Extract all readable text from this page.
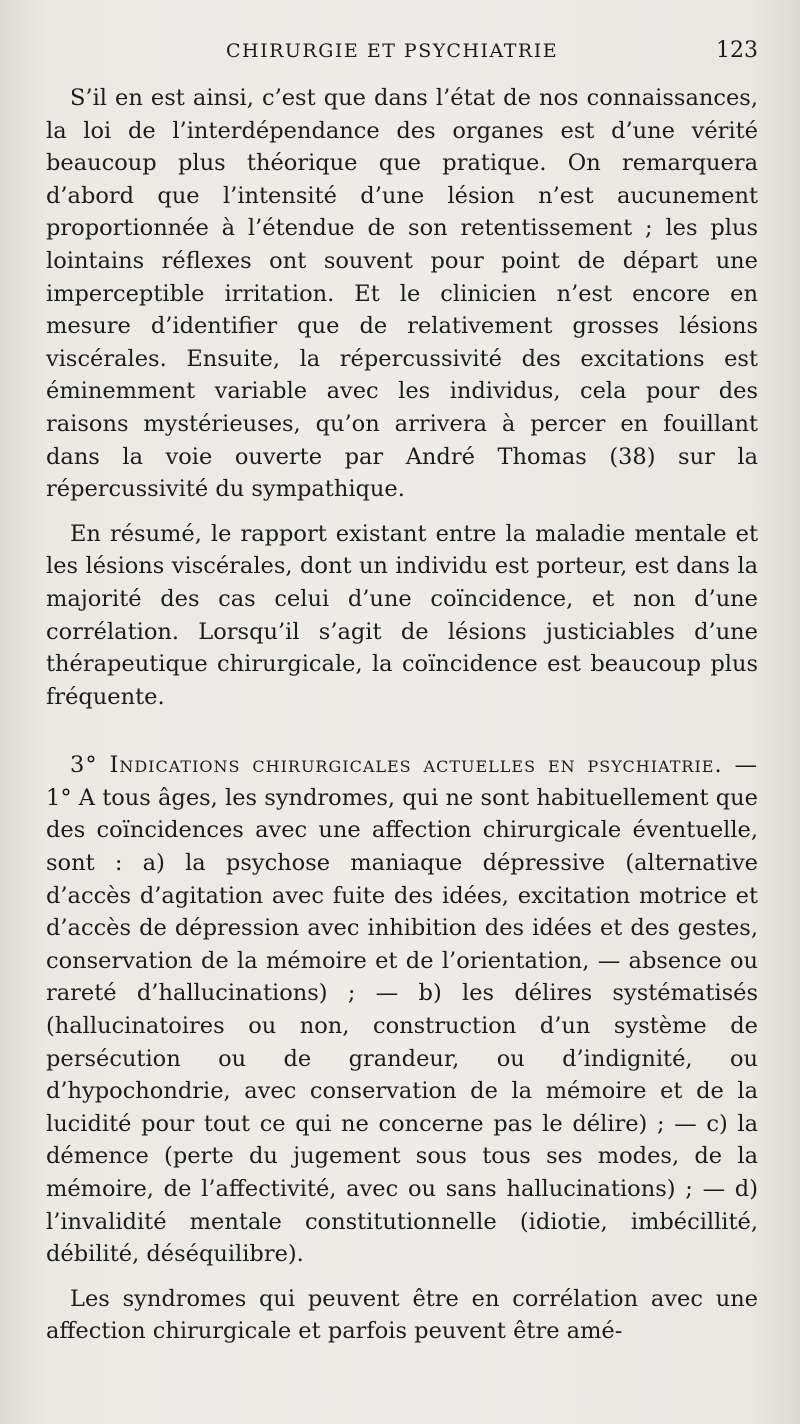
CHIRURGIE ET PSYCHIATRIE	123

S’il en est ainsi, c’est que dans l’état de nos connaissances, la loi de l’interdépendance des organes est d’une vérité beaucoup plus théorique que pratique. On remarquera d’abord que l’intensité d’une lésion n’est aucunement proportionnée à l’étendue de son retentissement ; les plus lointains réflexes ont souvent pour point de départ une imperceptible irritation. Et le clinicien n’est encore en mesure d’identifier que de relativement grosses lésions viscérales. Ensuite, la répercussivité des excitations est éminemment variable avec les individus, cela pour des raisons mystérieuses, qu’on arrivera à percer en fouillant dans la voie ouverte par André Thomas (38) sur la répercussivité du sympathique.

En résumé, le rapport existant entre la maladie mentale et les lésions viscérales, dont un individu est porteur, est dans la majorité des cas celui d’une coïncidence, et non d’une corrélation. Lorsqu’il s’agit de lésions justiciables d’une thérapeutique chirurgicale, la coïncidence est beaucoup plus fréquente.

3° Indications chirurgicales actuelles en psychiatrie. — 1° A tous âges, les syndromes, qui ne sont habituellement que des coïncidences avec une affection chirurgicale éventuelle, sont : a) la psychose maniaque dépressive (alternative d’accès d’agitation avec fuite des idées, excitation motrice et d’accès de dépression avec inhibition des idées et des gestes, conservation de la mémoire et de l’orientation, — absence ou rareté d’hallucinations) ; — b) les délires systématisés (hallucinatoires ou non, construction d’un système de persécution ou de grandeur, ou d’indignité, ou d’hypochondrie, avec conservation de la mémoire et de la lucidité pour tout ce qui ne concerne pas le délire) ; — c) la démence (perte du jugement sous tous ses modes, de la mémoire, de l’affectivité, avec ou sans hallucinations) ; — d) l’invalidité mentale constitutionnelle (idiotie, imbécillité, débilité, déséquilibre).

Les syndromes qui peuvent être en corrélation avec une affection chirurgicale et parfois peuvent être amé-
